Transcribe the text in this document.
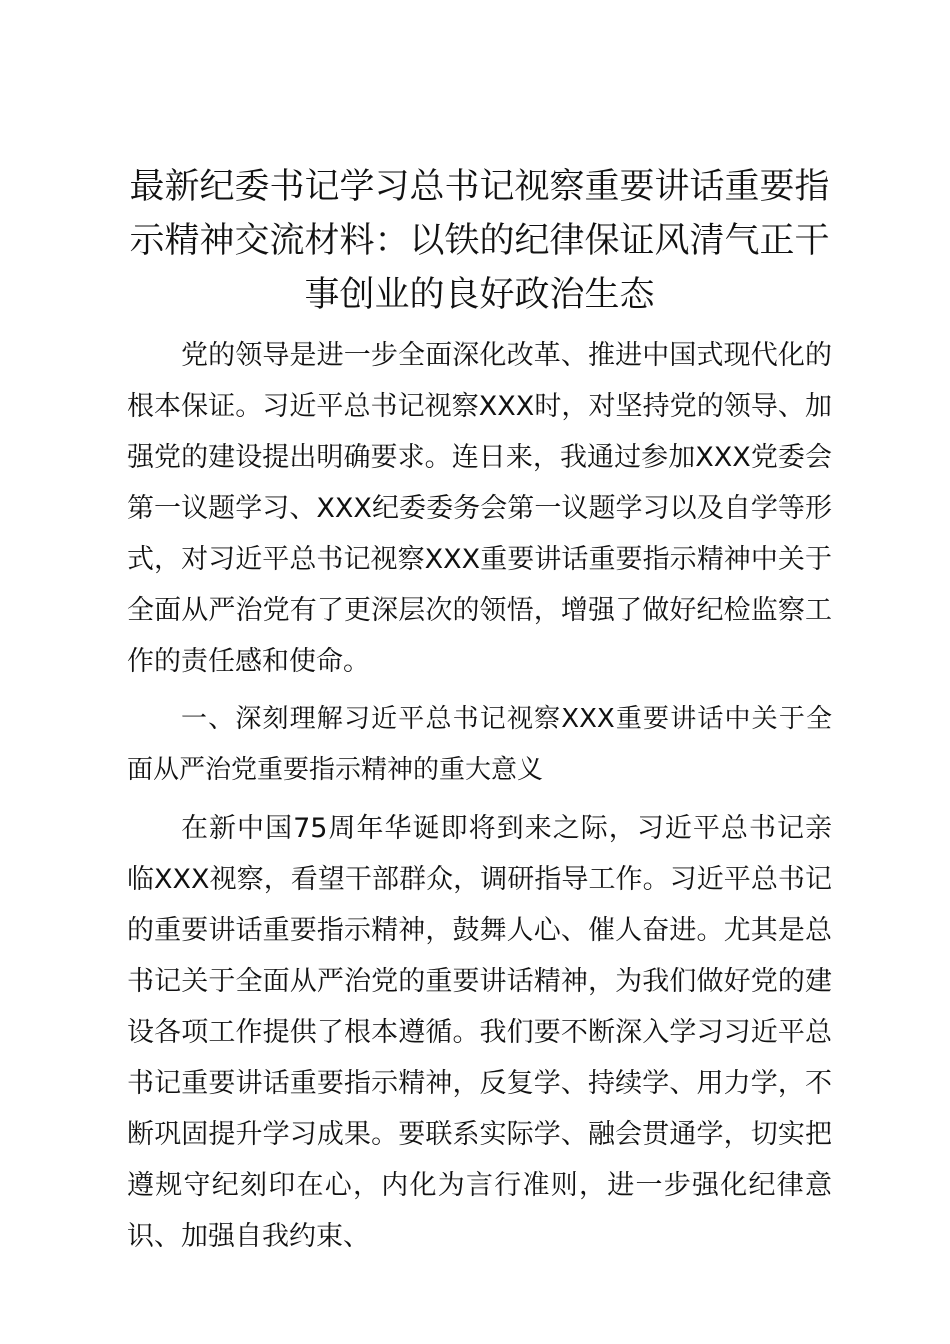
最新纪委书记学习总书记视察重要讲话重要指示精神交流材料：以铁的纪律保证风清气正干事创业的良好政治生态

党的领导是进一步全面深化改革、推进中国式现代化的根本保证。习近平总书记视察XXX时，对坚持党的领导、加强党的建设提出明确要求。连日来，我通过参加XXX党委会第一议题学习、XXX纪委委务会第一议题学习以及自学等形式，对习近平总书记视察XXX重要讲话重要指示精神中关于全面从严治党有了更深层次的领悟，增强了做好纪检监察工作的责任感和使命。

一、深刻理解习近平总书记视察XXX重要讲话中关于全面从严治党重要指示精神的重大意义

在新中国75周年华诞即将到来之际，习近平总书记亲临XXX视察，看望干部群众，调研指导工作。习近平总书记的重要讲话重要指示精神，鼓舞人心、催人奋进。尤其是总书记关于全面从严治党的重要讲话精神，为我们做好党的建设各项工作提供了根本遵循。我们要不断深入学习习近平总书记重要讲话重要指示精神，反复学、持续学、用力学，不断巩固提升学习成果。要联系实际学、融会贯通学，切实把遵规守纪刻印在心，内化为言行准则，进一步强化纪律意识、加强自我约束、
